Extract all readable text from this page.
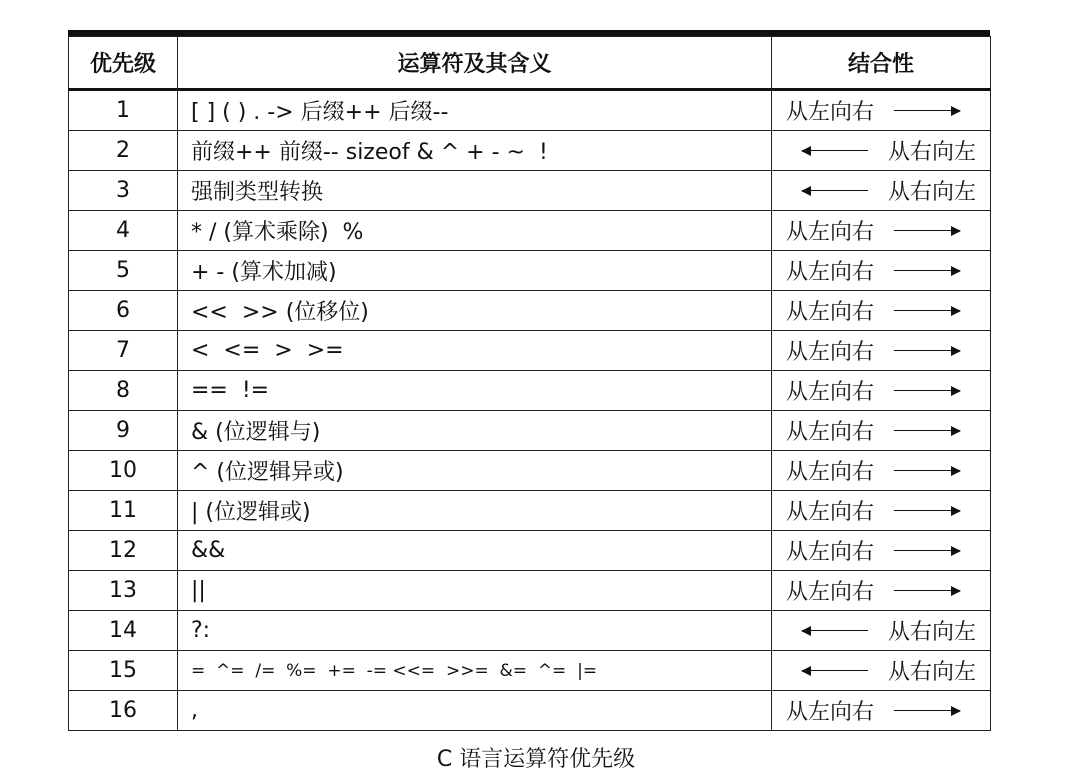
优先级	运算符及其含义	结合性
1	[ ] ( ) . -> 后缀++ 后缀--	从左向右

2	前缀++ 前缀-- sizeof & ^ + - ~  !	从右向左

3	强制类型转换	从右向左

4	* / (算术乘除)  %	从左向右

5	+ - (算术加减)	从左向右

6	<<  >> (位移位)	从左向右

7	<  <=  >  >=	从左向右

8	==  !=	从左向右

9	& (位逻辑与)	从左向右

10	^ (位逻辑异或)	从左向右

11	| (位逻辑或)	从左向右

12	&&	从左向右

13	||	从左向右

14	?:	从右向左

15	=  ^=  /=  %=  +=  -= <<=  >>=  &=  ^=  |=	从右向左

16	,	从左向右
C 语言运算符优先级
